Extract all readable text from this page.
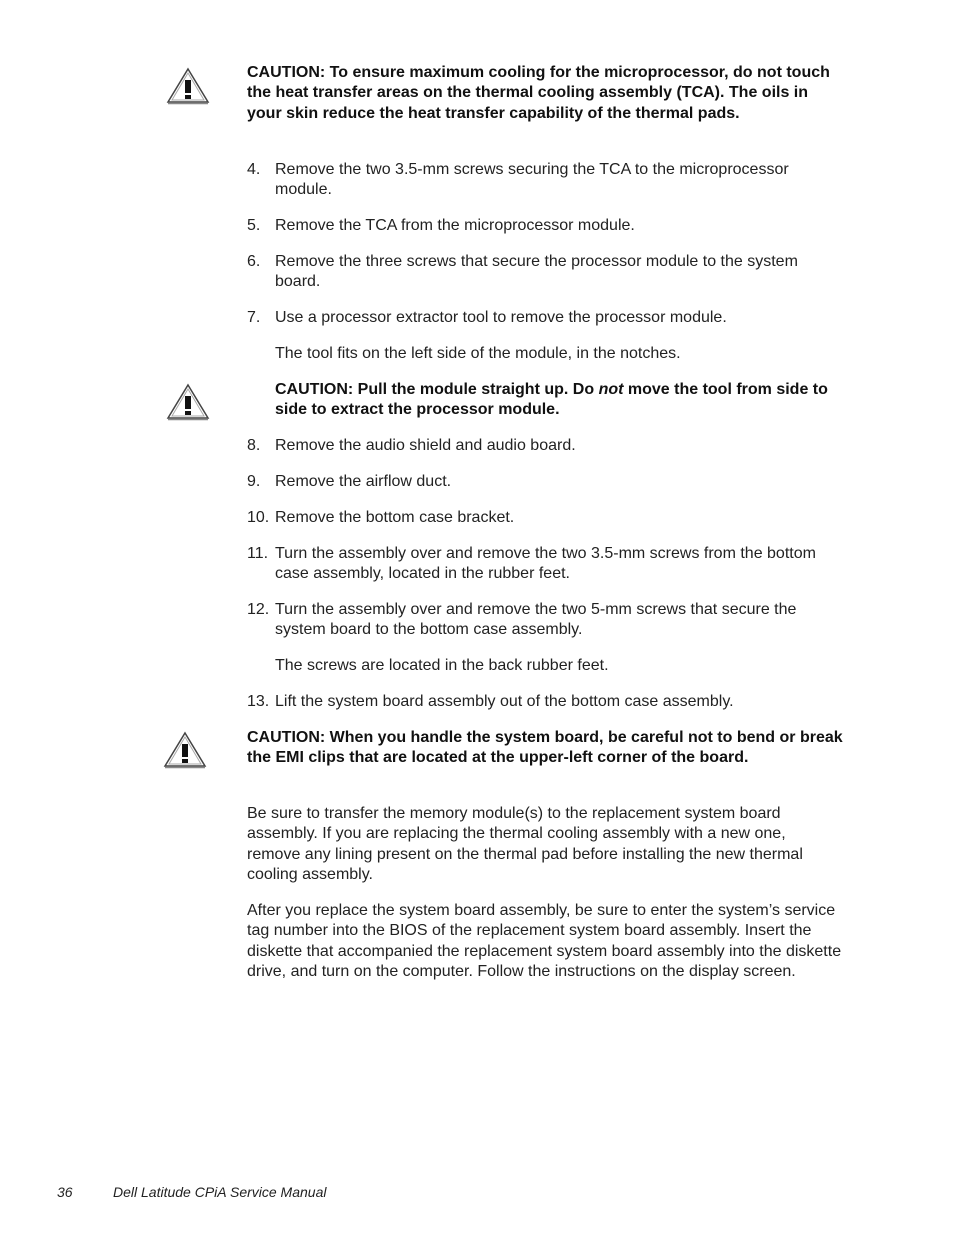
CAUTION: To ensure maximum cooling for the microprocessor, do not touch the heat transfer areas on the thermal cooling assembly (TCA). The oils in your skin reduce the heat transfer capability of the thermal pads.

4. Remove the two 3.5-mm screws securing the TCA to the microprocessor module.
5. Remove the TCA from the microprocessor module.
6. Remove the three screws that secure the processor module to the system board.
7. Use a processor extractor tool to remove the processor module.
The tool fits on the left side of the module, in the notches.

CAUTION: Pull the module straight up. Do not move the tool from side to side to extract the processor module.

8. Remove the audio shield and audio board.
9. Remove the airflow duct.
10. Remove the bottom case bracket.
11. Turn the assembly over and remove the two 3.5-mm screws from the bottom case assembly, located in the rubber feet.
12. Turn the assembly over and remove the two 5-mm screws that secure the system board to the bottom case assembly.
The screws are located in the back rubber feet.
13. Lift the system board assembly out of the bottom case assembly.

CAUTION: When you handle the system board, be careful not to bend or break the EMI clips that are located at the upper-left corner of the board.

Be sure to transfer the memory module(s) to the replacement system board assembly. If you are replacing the thermal cooling assembly with a new one, remove any lining present on the thermal pad before installing the new thermal cooling assembly.

After you replace the system board assembly, be sure to enter the system’s service tag number into the BIOS of the replacement system board assembly. Insert the diskette that accompanied the replacement system board assembly into the diskette drive, and turn on the computer. Follow the instructions on the display screen.

36	Dell Latitude CPiA Service Manual
